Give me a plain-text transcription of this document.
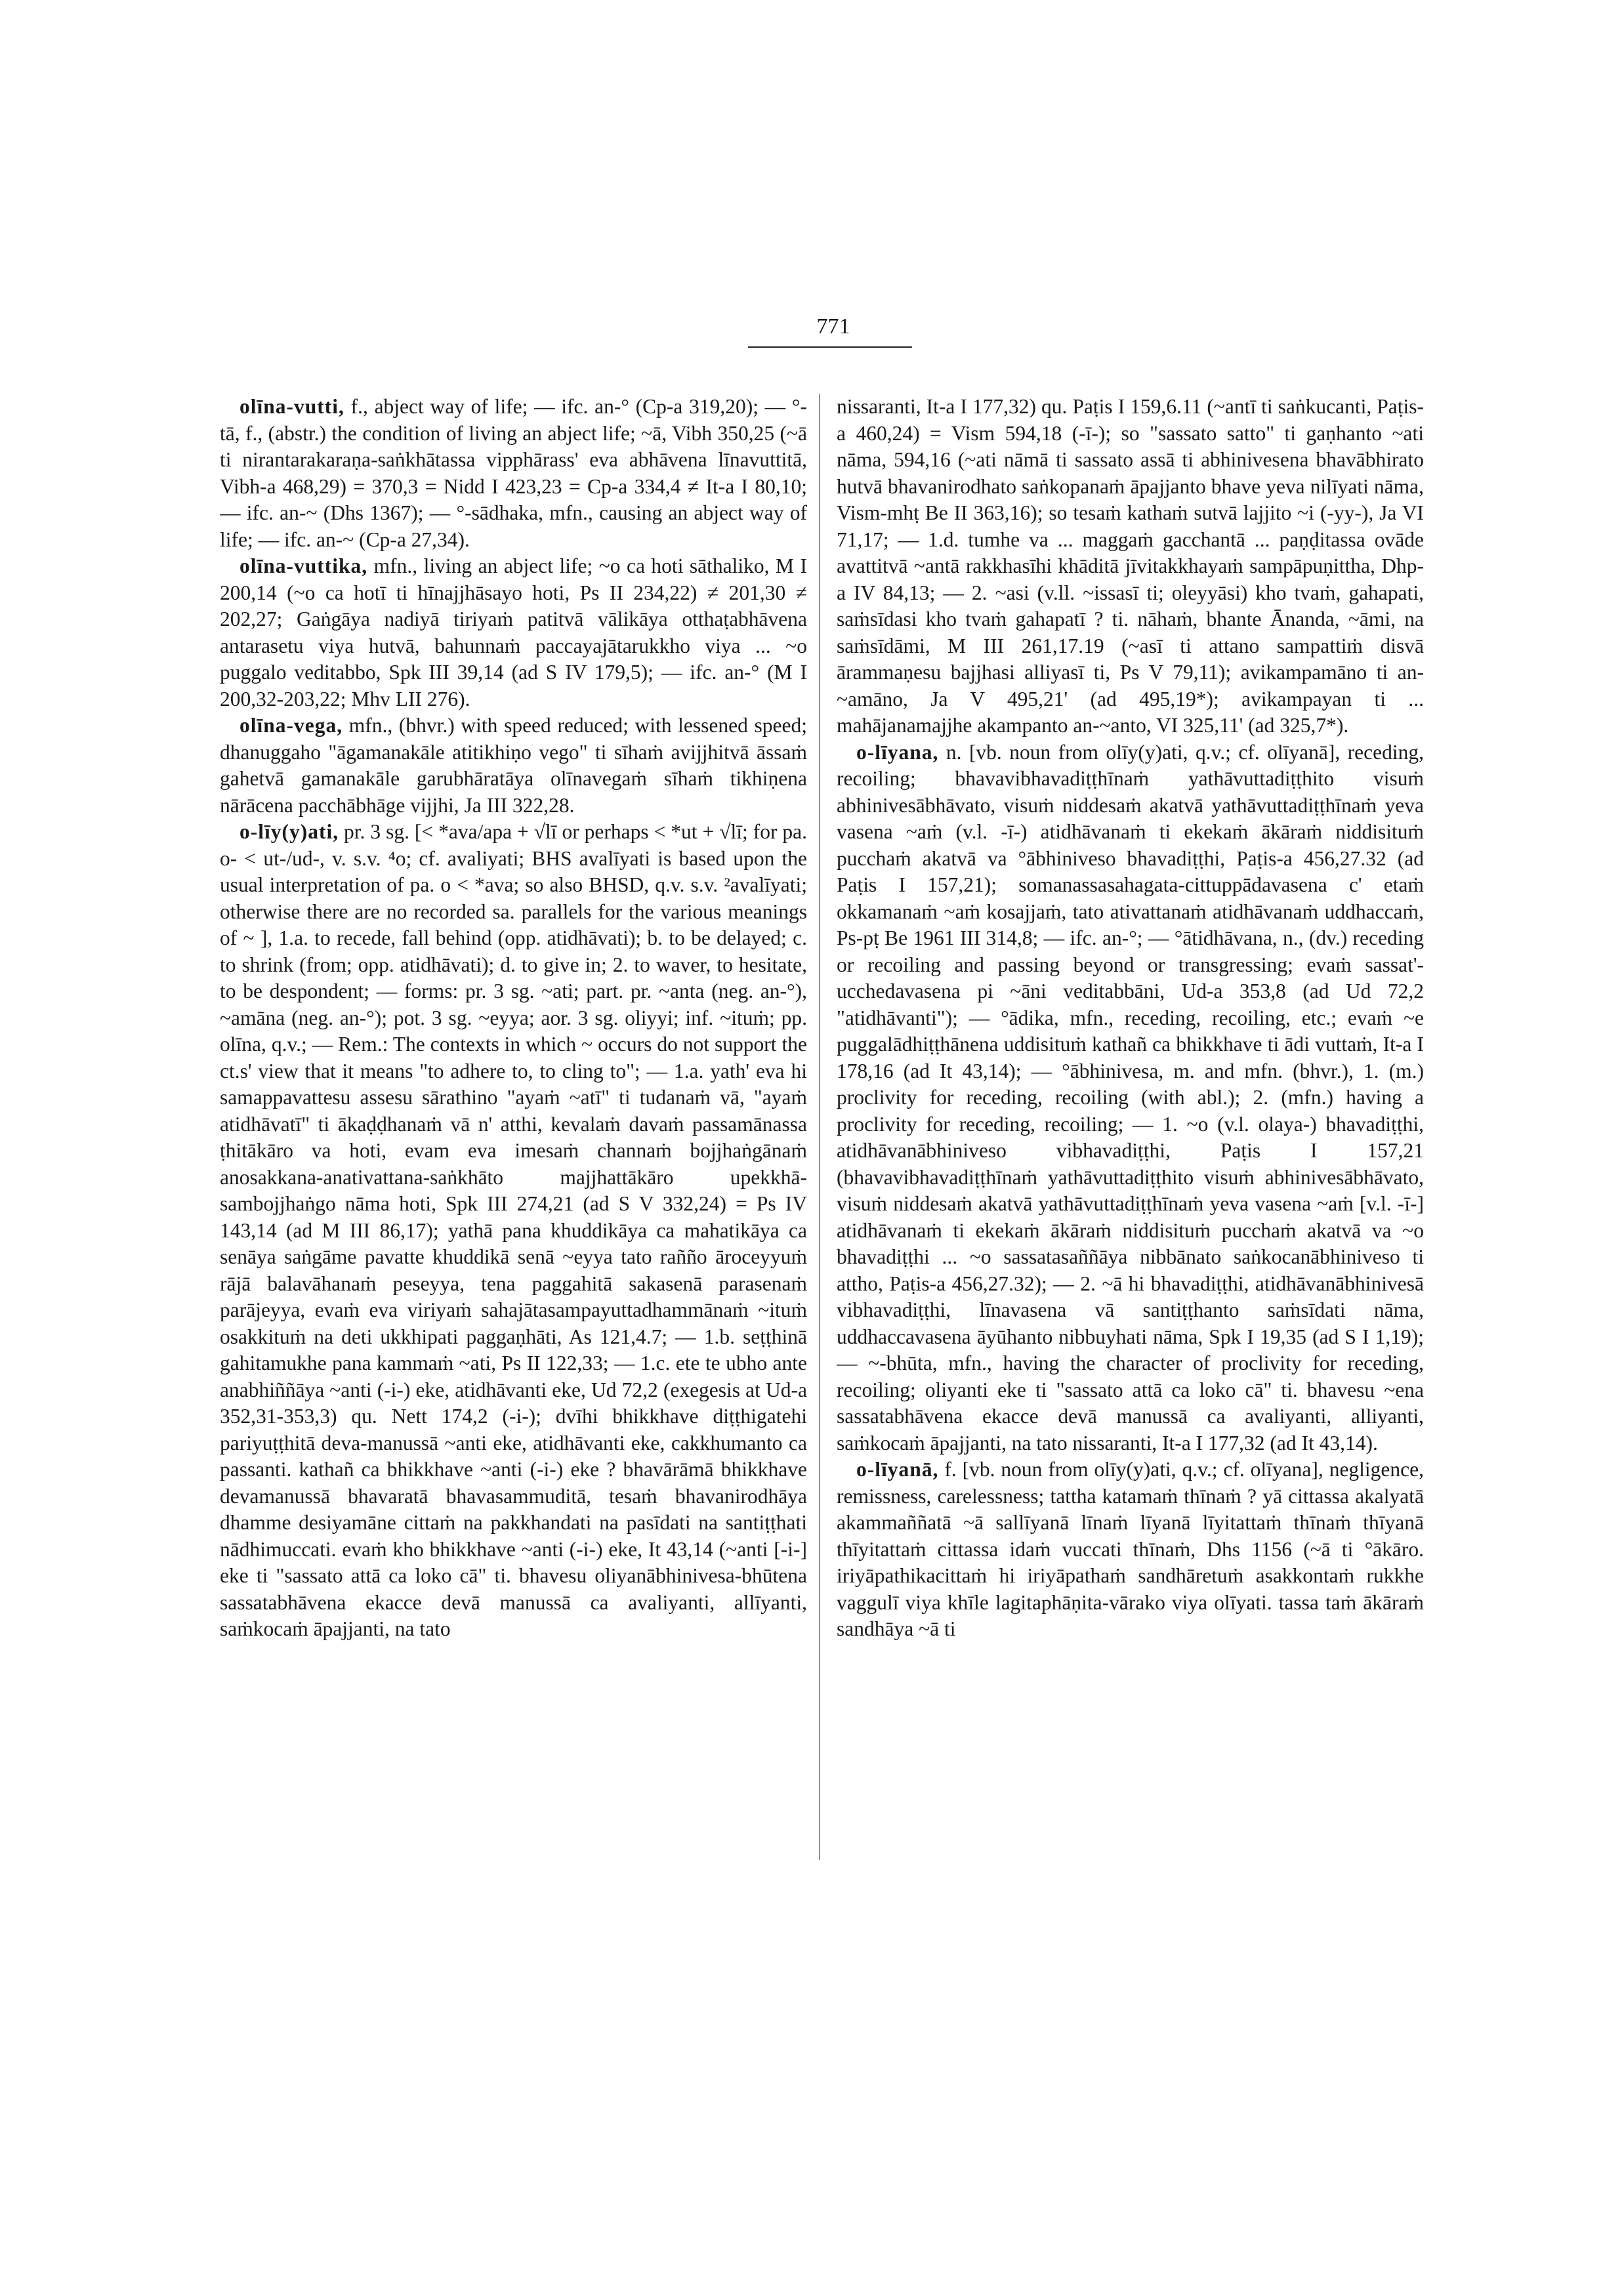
771

olīna-vutti, f., abject way of life; — ifc. an-° (Cp-a 319,20); — °-tā, f., (abstr.) the condition of living an abject life; ~ā, Vibh 350,25 (~ā ti nirantarakaraṇa-saṅkhātassa vipphārass' eva abhāvena līnavuttitā, Vibh-a 468,29) = 370,3 = Nidd I 423,23 = Cp-a 334,4 ≠ It-a I 80,10; — ifc. an-~ (Dhs 1367); — °-sādhaka, mfn., causing an abject way of life; — ifc. an-~ (Cp-a 27,34).

olīna-vuttika, mfn., living an abject life; ~o ca hoti sāthaliko, M I 200,14 (~o ca hotī ti hīnajjhāsayo hoti, Ps II 234,22) ≠ 201,30 ≠ 202,27; Gaṅgāya nadiyā tiriyaṁ patitvā vālikāya otthaṭabhāvena antarasetu viya hutvā, bahunnaṁ paccayajātarukkho viya ... ~o puggalo veditabbo, Spk III 39,14 (ad S IV 179,5); — ifc. an-° (M I 200,32-203,22; Mhv LII 276).

olīna-vega, mfn., (bhvr.) with speed reduced; with lessened speed; dhanuggaho "āgamanakāle atitikhiṇo vego" ti sīhaṁ avijjhitvā āssaṁ gahetvā gamanakāle garubhāratāya olīnavegaṁ sīhaṁ tikhiṇena nārācena pacchābhāge vijjhi, Ja III 322,28.

o-līy(y)ati, pr. 3 sg. [< *ava/apa + √lī or perhaps < *ut + √lī; for pa. o- < ut-/ud-, v. s.v. ⁴o; cf. avaliyati; BHS avalīyati is based upon the usual interpretation of pa. o < *ava; so also BHSD, q.v. s.v. ²avalīyati; otherwise there are no recorded sa. parallels for the various meanings of ~ ], 1.a. to recede, fall behind (opp. atidhāvati); b. to be delayed; c. to shrink (from; opp. atidhāvati); d. to give in; 2. to waver, to hesitate, to be despondent; — forms: pr. 3 sg. ~ati; part. pr. ~anta (neg. an-°), ~amāna (neg. an-°); pot. 3 sg. ~eyya; aor. 3 sg. oliyyi; inf. ~ituṁ; pp. olīna, q.v.; — Rem.: The contexts in which ~ occurs do not support the ct.s' view that it means "to adhere to, to cling to"; — 1.a. yath' eva hi samappavattesu assesu sārathino "ayaṁ ~atī" ti tudanaṁ vā, "ayaṁ atidhāvatī" ti ākaḍḍhanaṁ vā n' atthi, kevalaṁ davaṁ passamānassa ṭhitākāro va hoti, evam eva imesaṁ channaṁ bojjhaṅgānaṁ anosakkana-anativattana-saṅkhāto majjhattākāro upekkhā-sambojjhaṅgo nāma hoti, Spk III 274,21 (ad S V 332,24) = Ps IV 143,14 (ad M III 86,17); yathā pana khuddikāya ca mahatikāya ca senāya saṅgāme pavatte khuddikā senā ~eyya tato rañño āroceyyuṁ rājā balavāhanaṁ peseyya, tena paggahitā sakasenā parasenaṁ parājeyya, evaṁ eva viriyaṁ sahajātasampayuttadhammānaṁ ~ituṁ osakkituṁ na deti ukkhipati paggaṇhāti, As 121,4.7; — 1.b. seṭṭhinā gahitamukhe pana kammaṁ ~ati, Ps II 122,33; — 1.c. ete te ubho ante anabhiññāya ~anti (-i-) eke, atidhāvanti eke, Ud 72,2 (exegesis at Ud-a 352,31-353,3) qu. Nett 174,2 (-i-); dvīhi bhikkhave diṭṭhigatehi pariyuṭṭhitā deva-manussā ~anti eke, atidhāvanti eke, cakkhumanto ca passanti. kathañ ca bhikkhave ~anti (-i-) eke ? bhavārāmā bhikkhave devamanussā bhavaratā bhavasammuditā, tesaṁ bhavanirodhāya dhamme desiyamāne cittaṁ na pakkhandati na pasīdati na santiṭṭhati nādhimuccati. evaṁ kho bhikkhave ~anti (-i-) eke, It 43,14 (~anti [-i-] eke ti "sassato attā ca loko cā" ti. bhavesu oliyanābhinivesa-bhūtena sassatabhāvena ekacce devā manussā ca avaliyanti, allīyanti, saṁkocaṁ āpajjanti, na tato

nissaranti, It-a I 177,32) qu. Paṭis I 159,6.11 (~antī ti saṅkucanti, Paṭis-a 460,24) = Vism 594,18 (-ī-); so "sassato satto" ti gaṇhanto ~ati nāma, 594,16 (~ati nāmā ti sassato assā ti abhinivesena bhavābhirato hutvā bhavanirodhato saṅkopanaṁ āpajjanto bhave yeva nilīyati nāma, Vism-mhṭ Be II 363,16); so tesaṁ kathaṁ sutvā lajjito ~i (-yy-), Ja VI 71,17; — 1.d. tumhe va ... maggaṁ gacchantā ... paṇḍitassa ovāde avattitvā ~antā rakkhasīhi khāditā jīvitakkhayaṁ sampāpuṇittha, Dhp-a IV 84,13; — 2. ~asi (v.ll. ~issasī ti; oleyyāsi) kho tvaṁ, gahapati, saṁsīdasi kho tvaṁ gahapatī ? ti. nāhaṁ, bhante Ānanda, ~āmi, na saṁsīdāmi, M III 261,17.19 (~asī ti attano sampattiṁ disvā ārammaṇesu bajjhasi alliyasī ti, Ps V 79,11); avikampamāno ti an-~amāno, Ja V 495,21' (ad 495,19*); avikampayan ti ... mahājanamajjhe akampanto an-~anto, VI 325,11' (ad 325,7*).

o-līyana, n. [vb. noun from olīy(y)ati, q.v.; cf. olīyanā], receding, recoiling; bhavavibhavadiṭṭhīnaṁ yathāvuttadiṭṭhito visuṁ abhinivesābhāvato, visuṁ niddesaṁ akatvā yathāvuttadiṭṭhīnaṁ yeva vasena ~aṁ (v.l. -ī-) atidhāvanaṁ ti ekekaṁ ākāraṁ niddisituṁ pucchaṁ akatvā va °ābhiniveso bhavadiṭṭhi, Paṭis-a 456,27.32 (ad Paṭis I 157,21); somanassasahagata-cittuppādavasena c' etaṁ okkamanaṁ ~aṁ kosajjaṁ, tato ativattanaṁ atidhāvanaṁ uddhaccaṁ, Ps-pṭ Be 1961 III 314,8; — ifc. an-°; — °ātidhāvana, n., (dv.) receding or recoiling and passing beyond or transgressing; evaṁ sassat'-ucchedavasena pi ~āni veditabbāni, Ud-a 353,8 (ad Ud 72,2 "atidhāvanti"); — °ādika, mfn., receding, recoiling, etc.; evaṁ ~e puggalādhiṭṭhānena uddisituṁ kathañ ca bhikkhave ti ādi vuttaṁ, It-a I 178,16 (ad It 43,14); — °ābhinivesa, m. and mfn. (bhvr.), 1. (m.) proclivity for receding, recoiling (with abl.); 2. (mfn.) having a proclivity for receding, recoiling; — 1. ~o (v.l. olaya-) bhavadiṭṭhi, atidhāvanābhiniveso vibhavadiṭṭhi, Paṭis I 157,21 (bhavavibhavadiṭṭhīnaṁ yathāvuttadiṭṭhito visuṁ abhinivesābhāvato, visuṁ niddesaṁ akatvā yathāvuttadiṭṭhīnaṁ yeva vasena ~aṁ [v.l. -ī-] atidhāvanaṁ ti ekekaṁ ākāraṁ niddisituṁ pucchaṁ akatvā va ~o bhavadiṭṭhi ... ~o sassatasaññāya nibbānato saṅkocanābhiniveso ti attho, Paṭis-a 456,27.32); — 2. ~ā hi bhavadiṭṭhi, atidhāvanābhinivesā vibhavadiṭṭhi, līnavasena vā santiṭṭhanto saṁsīdati nāma, uddhaccavasena āyūhanto nibbuyhati nāma, Spk I 19,35 (ad S I 1,19); — ~-bhūta, mfn., having the character of proclivity for receding, recoiling; oliyanti eke ti "sassato attā ca loko cā" ti. bhavesu ~ena sassatabhāvena ekacce devā manussā ca avaliyanti, alliyanti, saṁkocaṁ āpajjanti, na tato nissaranti, It-a I 177,32 (ad It 43,14).

o-līyanā, f. [vb. noun from olīy(y)ati, q.v.; cf. olīyana], negligence, remissness, carelessness; tattha katamaṁ thīnaṁ ? yā cittassa akalyatā akammaññatā ~ā sallīyanā līnaṁ līyanā līyitattaṁ thīnaṁ thīyanā thīyitattaṁ cittassa idaṁ vuccati thīnaṁ, Dhs 1156 (~ā ti °ākāro. iriyāpathikacittaṁ hi iriyāpathaṁ sandhāretuṁ asakkontaṁ rukkhe vaggulī viya khīle lagitaphāṇita-vārako viya olīyati. tassa taṁ ākāraṁ sandhāya ~ā ti
